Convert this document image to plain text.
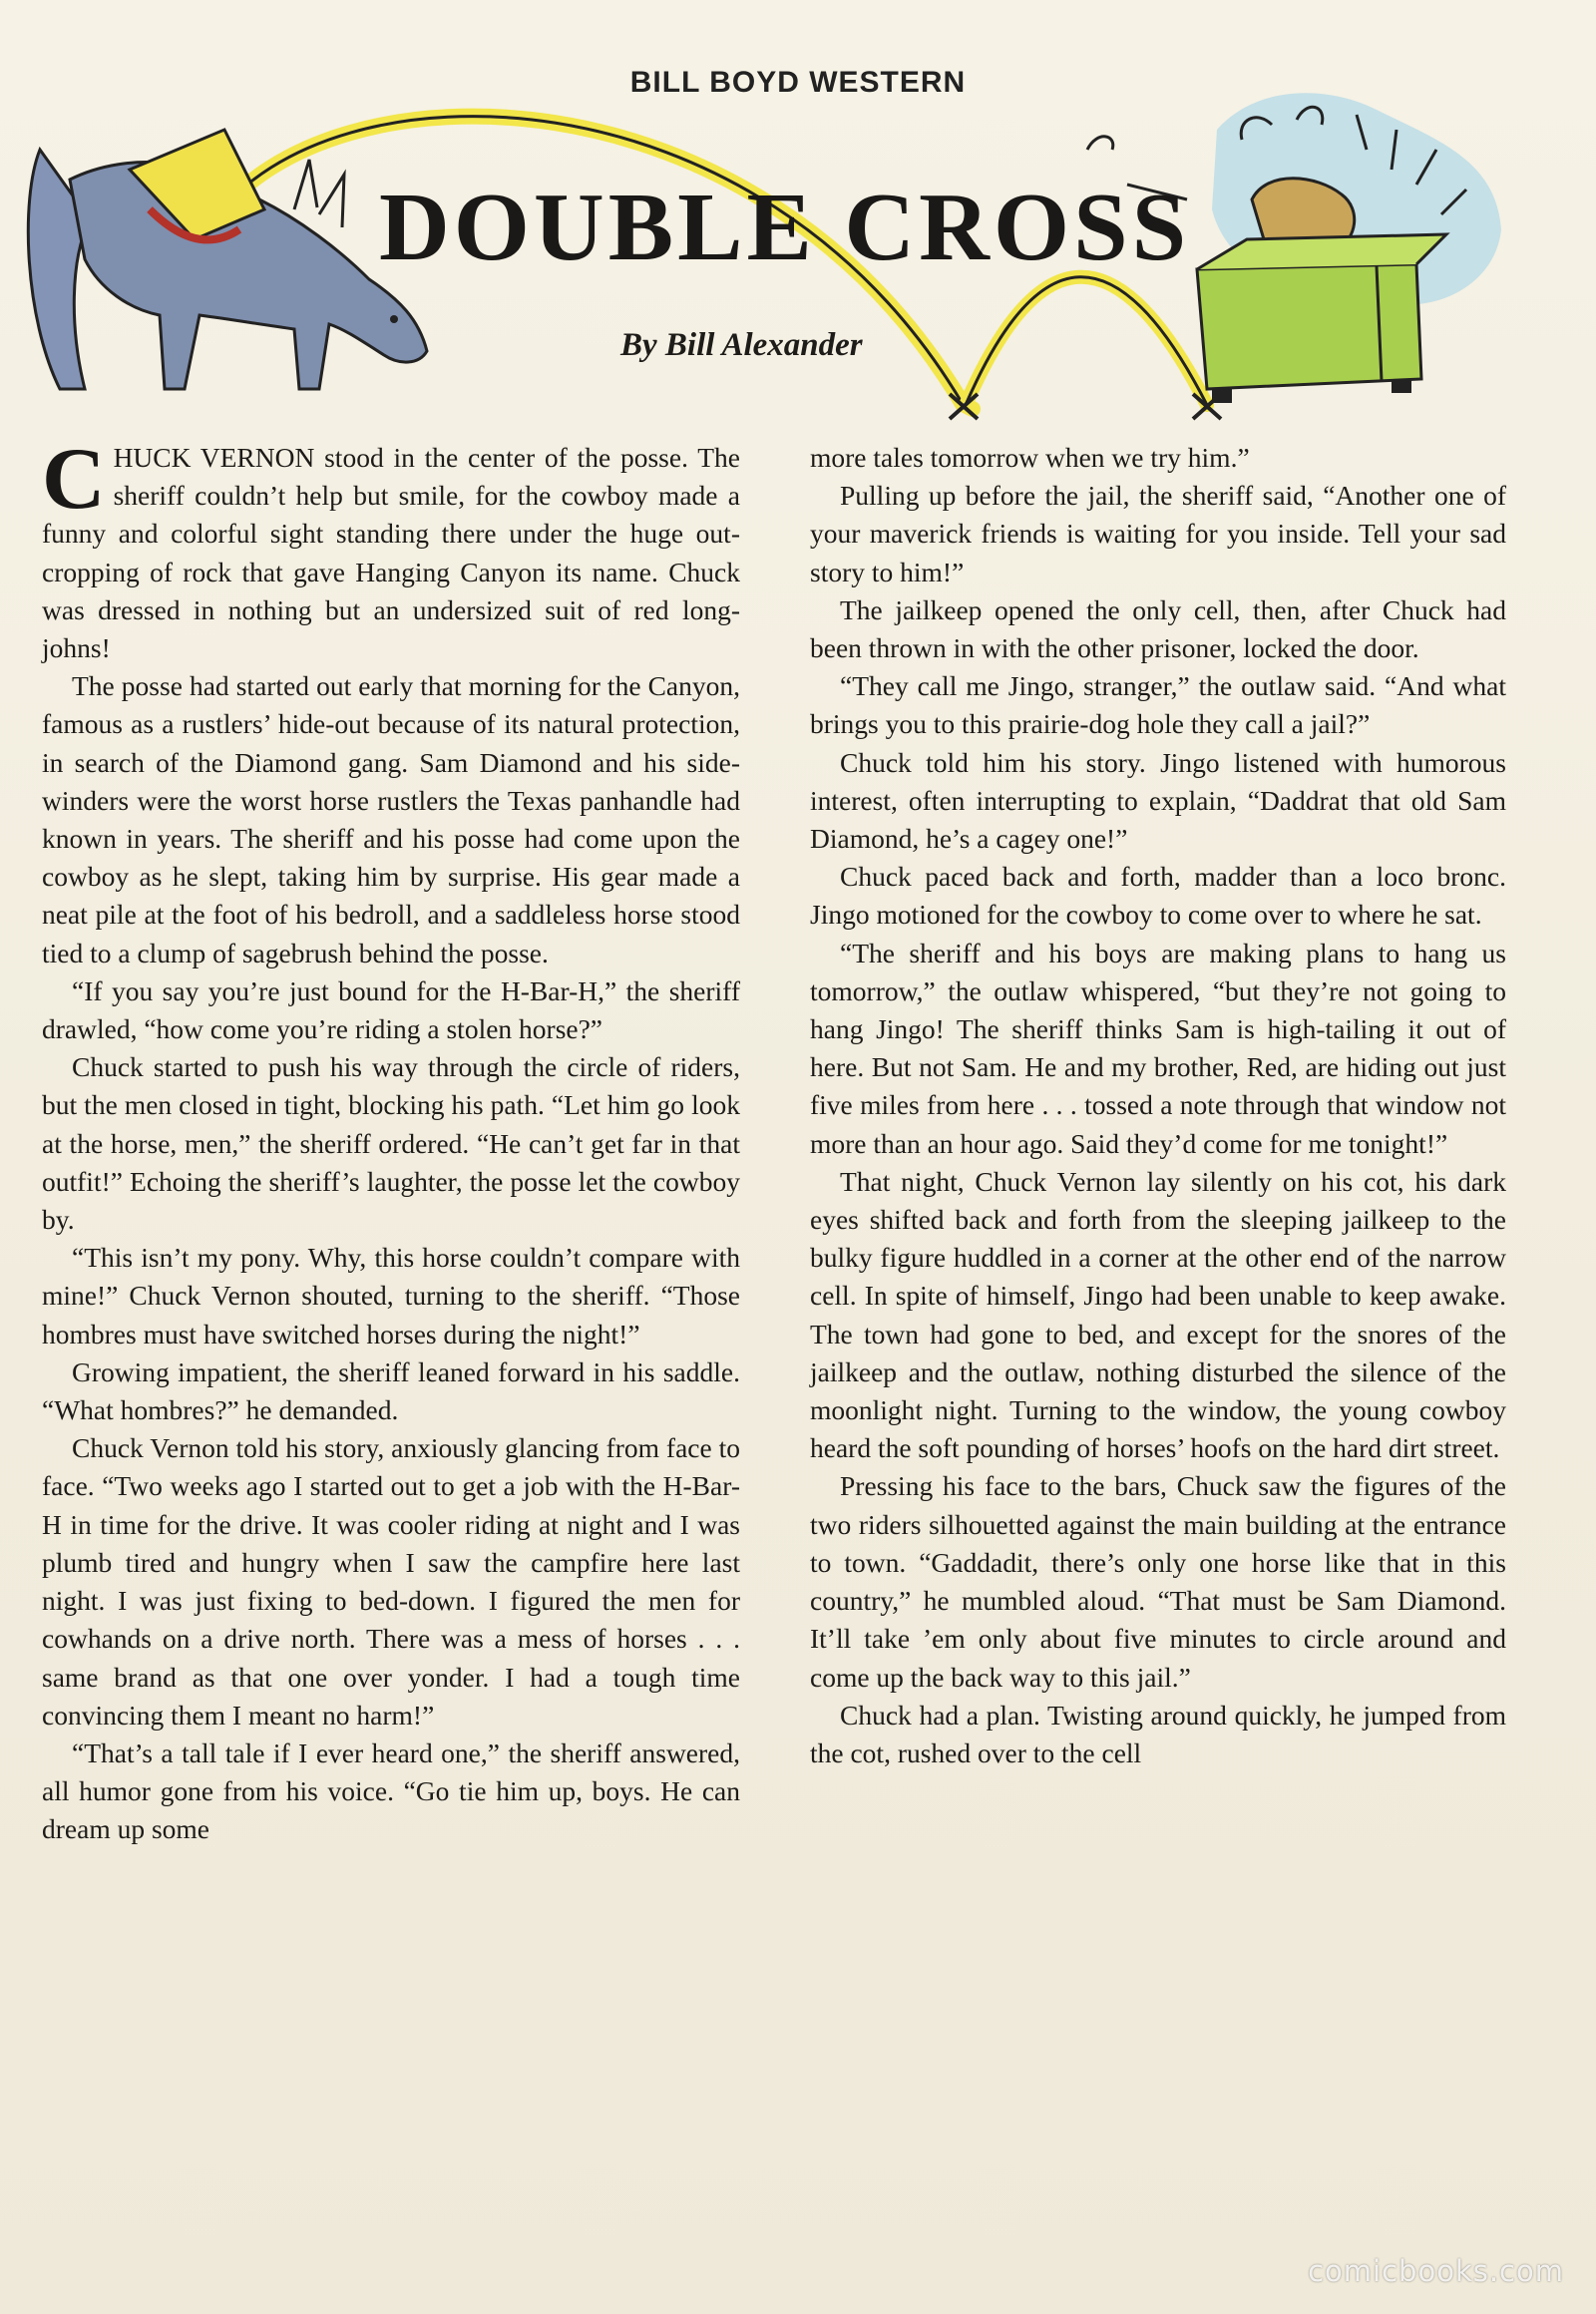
BILL BOYD WESTERN
DOUBLE CROSS
By Bill Alexander

CHUCK VERNON stood in the center of the posse. The sheriff couldn’t help but smile, for the cowboy made a funny and colorful sight standing there under the huge outcropping of rock that gave Hanging Canyon its name. Chuck was dressed in nothing but an undersized suit of red long-johns!

The posse had started out early that morning for the Canyon, famous as a rustlers’ hide-out because of its natural protection, in search of the Diamond gang. Sam Diamond and his sidewinders were the worst horse rustlers the Texas panhandle had known in years. The sheriff and his posse had come upon the cowboy as he slept, taking him by surprise. His gear made a neat pile at the foot of his bedroll, and a saddleless horse stood tied to a clump of sagebrush behind the posse.

“If you say you’re just bound for the H-Bar-H,” the sheriff drawled, “how come you’re riding a stolen horse?”

Chuck started to push his way through the circle of riders, but the men closed in tight, blocking his path. “Let him go look at the horse, men,” the sheriff ordered. “He can’t get far in that outfit!” Echoing the sheriff’s laughter, the posse let the cowboy by.

“This isn’t my pony. Why, this horse couldn’t compare with mine!” Chuck Vernon shouted, turning to the sheriff. “Those hombres must have switched horses during the night!”

Growing impatient, the sheriff leaned forward in his saddle. “What hombres?” he demanded.

Chuck Vernon told his story, anxiously glancing from face to face. “Two weeks ago I started out to get a job with the H-Bar-H in time for the drive. It was cooler riding at night and I was plumb tired and hungry when I saw the campfire here last night. I was just fixing to bed-down. I figured the men for cowhands on a drive north. There was a mess of horses . . . same brand as that one over yonder. I had a tough time convincing them I meant no harm!”

“That’s a tall tale if I ever heard one,” the sheriff answered, all humor gone from his voice. “Go tie him up, boys. He can dream up some

more tales tomorrow when we try him.”

Pulling up before the jail, the sheriff said, “Another one of your maverick friends is waiting for you inside. Tell your sad story to him!”

The jailkeep opened the only cell, then, after Chuck had been thrown in with the other prisoner, locked the door.

“They call me Jingo, stranger,” the outlaw said. “And what brings you to this prairie-dog hole they call a jail?”

Chuck told him his story. Jingo listened with humorous interest, often interrupting to explain, “Daddrat that old Sam Diamond, he’s a cagey one!”

Chuck paced back and forth, madder than a loco bronc. Jingo motioned for the cowboy to come over to where he sat.

“The sheriff and his boys are making plans to hang us tomorrow,” the outlaw whispered, “but they’re not going to hang Jingo! The sheriff thinks Sam is high-tailing it out of here. But not Sam. He and my brother, Red, are hiding out just five miles from here . . . tossed a note through that window not more than an hour ago. Said they’d come for me tonight!”

That night, Chuck Vernon lay silently on his cot, his dark eyes shifted back and forth from the sleeping jailkeep to the bulky figure huddled in a corner at the other end of the narrow cell. In spite of himself, Jingo had been unable to keep awake. The town had gone to bed, and except for the snores of the jailkeep and the outlaw, nothing disturbed the silence of the moonlight night. Turning to the window, the young cowboy heard the soft pounding of horses’ hoofs on the hard dirt street.

Pressing his face to the bars, Chuck saw the figures of the two riders silhouetted against the main building at the entrance to town. “Gaddadit, there’s only one horse like that in this country,” he mumbled aloud. “That must be Sam Diamond. It’ll take ’em only about five minutes to circle around and come up the back way to this jail.”

Chuck had a plan. Twisting around quickly, he jumped from the cot, rushed over to the cell

comicbooks.com
